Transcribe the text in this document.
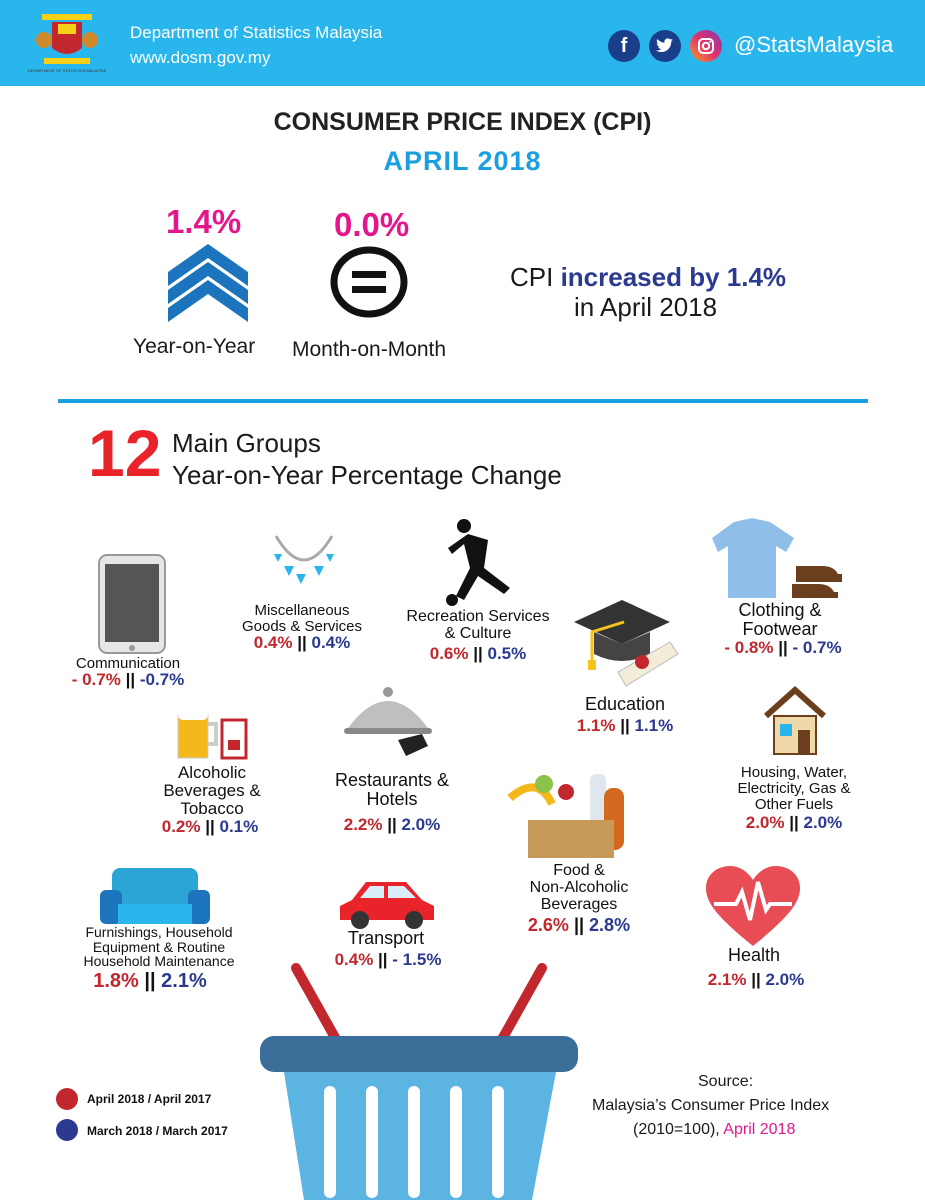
DEPARTMENT OF STATISTICS MALAYSIA
Department of Statistics Malaysia
www.dosm.gov.my
f	@StatsMalaysia
CONSUMER PRICE INDEX (CPI)
APRIL 2018
1.4%	0.0%
Year-on-Year Month-on-Month
CPI increased by 1.4%
in April 2018
12 Main Groups
Year-on-Year Percentage Change
Communication
- 0.7% || -0.7%
Miscellaneous
Goods & Services
0.4% || 0.4%
Recreation Services
& Culture
0.6% || 0.5%
Education
1.1% || 1.1%
Clothing &
Footwear
- 0.8% || - 0.7%
Alcoholic
Beverages &
Tobacco
0.2% || 0.1%
Restaurants &
Hotels
2.2% || 2.0%
Food &
Non-Alcoholic
Beverages
2.6% || 2.8%
Housing, Water,
Electricity, Gas &
Other Fuels
2.0% || 2.0%
Furnishings, Household
Equipment & Routine
Household Maintenance
1.8% || 2.1%
Transport
0.4% || - 1.5%	Health
2.1% || 2.0%
April 2018 / April 2017
March 2018 / March 2017
Source:
Malaysia’s Consumer Price Index
(2010=100), April 2018
